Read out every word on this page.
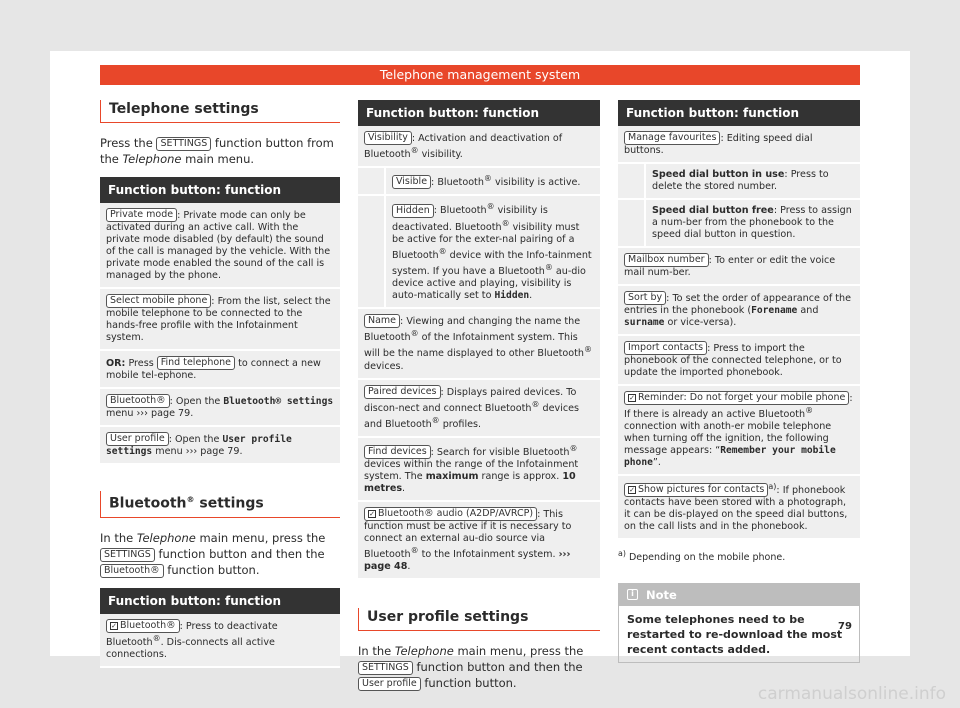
Telephone management system
Telephone settings
Press the SETTINGS function button from the Telephone main menu.
Function button: function
Private mode : Private mode can only be activated during an active call. With the private mode disabled (by default) the sound of the call is managed by the vehicle. With the private mode enabled the sound of the call is managed by the phone.
Select mobile phone : From the list, select the mobile telephone to be connected to the hands-free profile with the Infotainment system.
OR: Press Find telephone to connect a new mobile tel-ephone.
Bluetooth® : Open the Bluetooth® settings menu ››› page 79.
User profile : Open the User profile settings menu ››› page 79.
Bluetooth® settings
In the Telephone main menu, press the SETTINGS function button and then the Bluetooth® function button.
Function button: function
✓ Bluetooth® : Press to deactivate Bluetooth®. Dis-connects all active connections.
Function button: function
Visibility : Activation and deactivation of Bluetooth® visibility.
Visible : Bluetooth® visibility is active.
Hidden : Bluetooth® visibility is deactivated. Bluetooth® visibility must be active for the exter-nal pairing of a Bluetooth® device with the Info-tainment system. If you have a Bluetooth® au-dio device active and playing, visibility is auto-matically set to Hidden.
Name : Viewing and changing the name the Bluetooth® of the Infotainment system. This will be the name displayed to other Bluetooth® devices.
Paired devices : Displays paired devices. To discon-nect and connect Bluetooth® devices and Bluetooth® profiles.
Find devices : Search for visible Bluetooth® devices within the range of the Infotainment system. The maximum range is approx. 10 metres.
✓ Bluetooth® audio (A2DP/AVRCP) : This function must be active if it is necessary to connect an external au-dio source via Bluetooth® to the Infotainment system. ››› page 48.
User profile settings
In the Telephone main menu, press the SETTINGS function button and then the User profile function button.
Function button: function
Manage favourites : Editing speed dial buttons.
Speed dial button in use: Press to delete the stored number.
Speed dial button free: Press to assign a num-ber from the phonebook to the speed dial button in question.
Mailbox number : To enter or edit the voice mail num-ber.
Sort by : To set the order of appearance of the entries in the phonebook (Forename and surname or vice-versa).
Import contacts : Press to import the phonebook of the connected telephone, or to update the imported phonebook.
✓ Reminder: Do not forget your mobile phone : If there is already an active Bluetooth® connection with anoth-er mobile telephone when turning off the ignition, the following message appears: “Remember your mobile phone”.
✓ Show pictures for contacts $^{a)}$: If phonebook contacts have been stored with a photograph, it can be dis-played on the speed dial buttons, on the call lists and in the phonebook.
$^{a)}$ Depending on the mobile phone.
i	Note
Some telephones need to be restarted to re-download the most recent contacts added.
79
carmanualsonline.info
